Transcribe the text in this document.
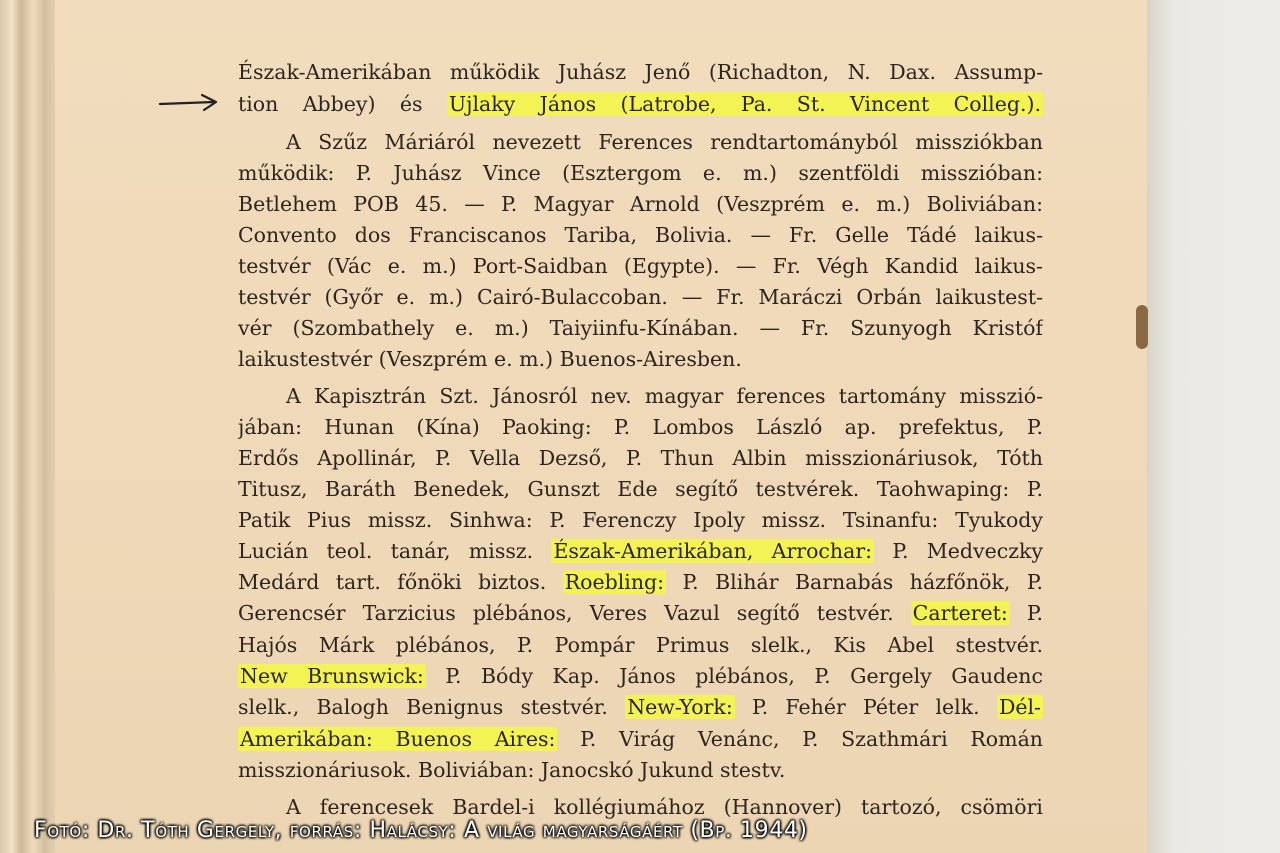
Észak-Amerikában működik Juhász Jenő (Richadton, N. Dax. Assump-
tion Abbey) és Ujlaky János (Latrobe, Pa. St. Vincent Colleg.).
A Szűz Máriáról nevezett Ferences rendtartományból missziókban
működik: P. Juhász Vince (Esztergom e. m.) szentföldi misszióban:
Betlehem POB 45. — P. Magyar Arnold (Veszprém e. m.) Boliviában:
Convento dos Franciscanos Tariba, Bolivia. — Fr. Gelle Tádé laikus-
testvér (Vác e. m.) Port-Saidban (Egypte). — Fr. Végh Kandid laikus-
testvér (Győr e. m.) Cairó-Bulaccoban. — Fr. Maráczi Orbán laikustest-
vér (Szombathely e. m.) Taiyiinfu-Kínában. — Fr. Szunyogh Kristóf
laikustestvér (Veszprém e. m.) Buenos-Airesben.
A Kapisztrán Szt. Jánosról nev. magyar ferences tartomány misszió-
jában: Hunan (Kína) Paoking: P. Lombos László ap. prefektus, P.
Erdős Apollinár, P. Vella Dezső, P. Thun Albin misszionáriusok, Tóth
Titusz, Baráth Benedek, Gunszt Ede segítő testvérek. Taohwaping: P.
Patik Pius missz. Sinhwa: P. Ferenczy Ipoly missz. Tsinanfu: Tyukody
Lucián teol. tanár, missz. Észak-Amerikában, Arrochar: P. Medveczky
Medárd tart. főnöki biztos. Roebling: P. Blihár Barnabás házfőnök, P.
Gerencsér Tarzicius plébános, Veres Vazul segítő testvér. Carteret: P.
Hajós Márk plébános, P. Pompár Primus slelk., Kis Abel stestvér.
New Brunswick: P. Bódy Kap. János plébános, P. Gergely Gaudenc
slelk., Balogh Benignus stestvér. New-York: P. Fehér Péter lelk. Dél-
Amerikában: Buenos Aires: P. Virág Venánc, P. Szathmári Román
misszionáriusok. Boliviában: Janocskó Jukund stestv.
A ferencesek Bardel-i kollégiumához (Hannover) tartozó, csömöri
Fotó: Dr. Tóth Gergely, forrás: Halácsy: A világ magyarságáért (Bp. 1944)
